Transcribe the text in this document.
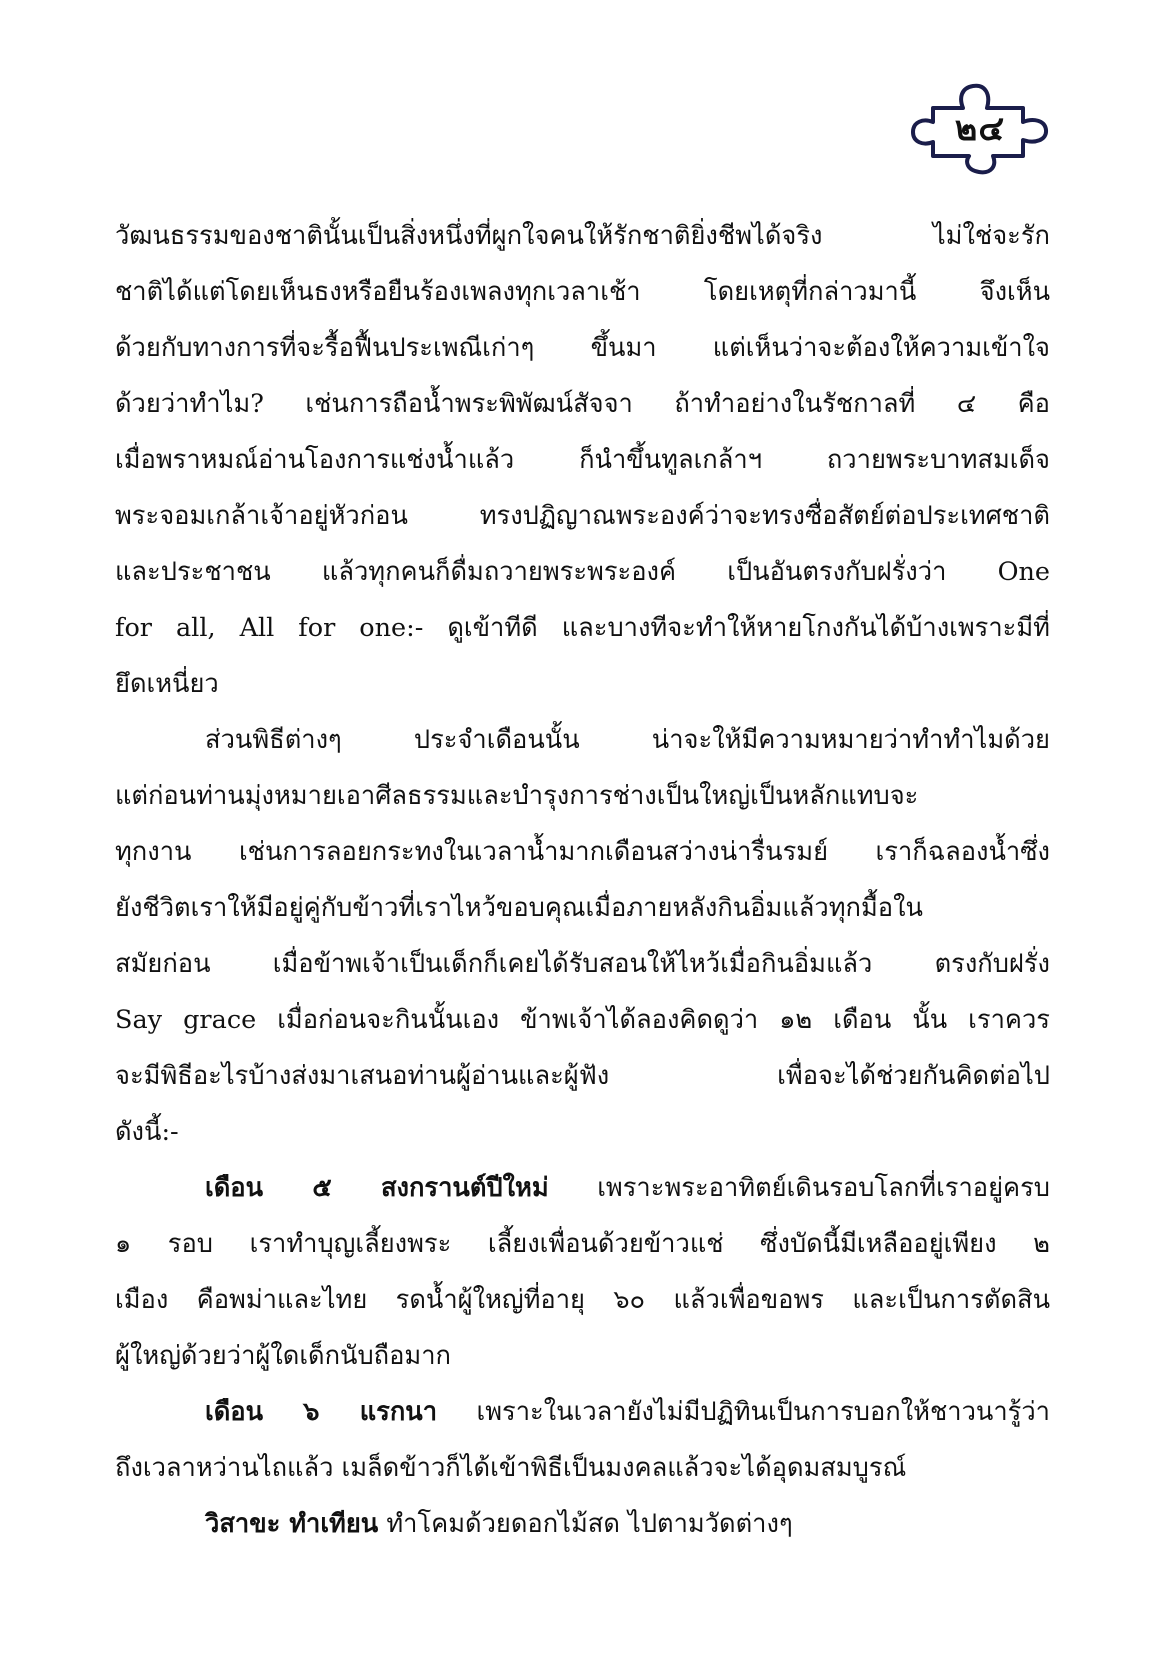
๒๔
วัฒนธรรมของชาตินั้นเป็นสิ่งหนึ่งที่ผูกใจคนให้รักชาติยิ่งชีพได้จริง ไม่ใช่จะรัก
ชาติได้แต่โดยเห็นธงหรือยืนร้องเพลงทุกเวลาเช้า โดยเหตุที่กล่าวมานี้ จึงเห็น
ด้วยกับทางการที่จะรื้อฟื้นประเพณีเก่าๆ ขึ้นมา แต่เห็นว่าจะต้องให้ความเข้าใจ
ด้วยว่าทำไม? เช่นการถือน้ำพระพิพัฒน์สัจจา ถ้าทำอย่างในรัชกาลที่ ๔ คือ
เมื่อพราหมณ์อ่านโองการแช่งน้ำแล้ว ก็นำขึ้นทูลเกล้าฯ ถวายพระบาทสมเด็จ
พระจอมเกล้าเจ้าอยู่หัวก่อน ทรงปฏิญาณพระองค์ว่าจะทรงซื่อสัตย์ต่อประเทศชาติ
และประชาชน แล้วทุกคนก็ดื่มถวายพระพระองค์ เป็นอันตรงกับฝรั่งว่า One
for all, All for one:- ดูเข้าทีดี และบางทีจะทำให้หายโกงกันได้บ้างเพราะมีที่
ยึดเหนี่ยว
ส่วนพิธีต่างๆ ประจำเดือนนั้น น่าจะให้มีความหมายว่าทำทำไมด้วย
แต่ก่อนท่านมุ่งหมายเอาศีลธรรมและบำรุงการช่างเป็นใหญ่เป็นหลักแทบจะ
ทุกงาน เช่นการลอยกระทงในเวลาน้ำมากเดือนสว่างน่ารื่นรมย์ เราก็ฉลองน้ำซึ่ง
ยังชีวิตเราให้มีอยู่คู่กับข้าวที่เราไหว้ขอบคุณเมื่อภายหลังกินอิ่มแล้วทุกมื้อใน
สมัยก่อน เมื่อข้าพเจ้าเป็นเด็กก็เคยได้รับสอนให้ไหว้เมื่อกินอิ่มแล้ว ตรงกับฝรั่ง
Say grace เมื่อก่อนจะกินนั้นเอง ข้าพเจ้าได้ลองคิดดูว่า ๑๒ เดือน นั้น เราควร
จะมีพิธีอะไรบ้างส่งมาเสนอท่านผู้อ่านและผู้ฟัง เพื่อจะได้ช่วยกันคิดต่อไป
ดังนี้:-
เดือน ๕ สงกรานต์ปีใหม่ เพราะพระอาทิตย์เดินรอบโลกที่เราอยู่ครบ
๑ รอบ เราทำบุญเลี้ยงพระ เลี้ยงเพื่อนด้วยข้าวแช่ ซึ่งบัดนี้มีเหลืออยู่เพียง ๒
เมือง คือพม่าและไทย รดน้ำผู้ใหญ่ที่อายุ ๖๐ แล้วเพื่อขอพร และเป็นการตัดสิน
ผู้ใหญ่ด้วยว่าผู้ใดเด็กนับถือมาก
เดือน ๖ แรกนา เพราะในเวลายังไม่มีปฏิทินเป็นการบอกให้ชาวนารู้ว่า
ถึงเวลาหว่านไถแล้ว เมล็ดข้าวก็ได้เข้าพิธีเป็นมงคลแล้วจะได้อุดมสมบูรณ์
วิสาขะ ทำเทียน ทำโคมด้วยดอกไม้สด ไปตามวัดต่างๆ
